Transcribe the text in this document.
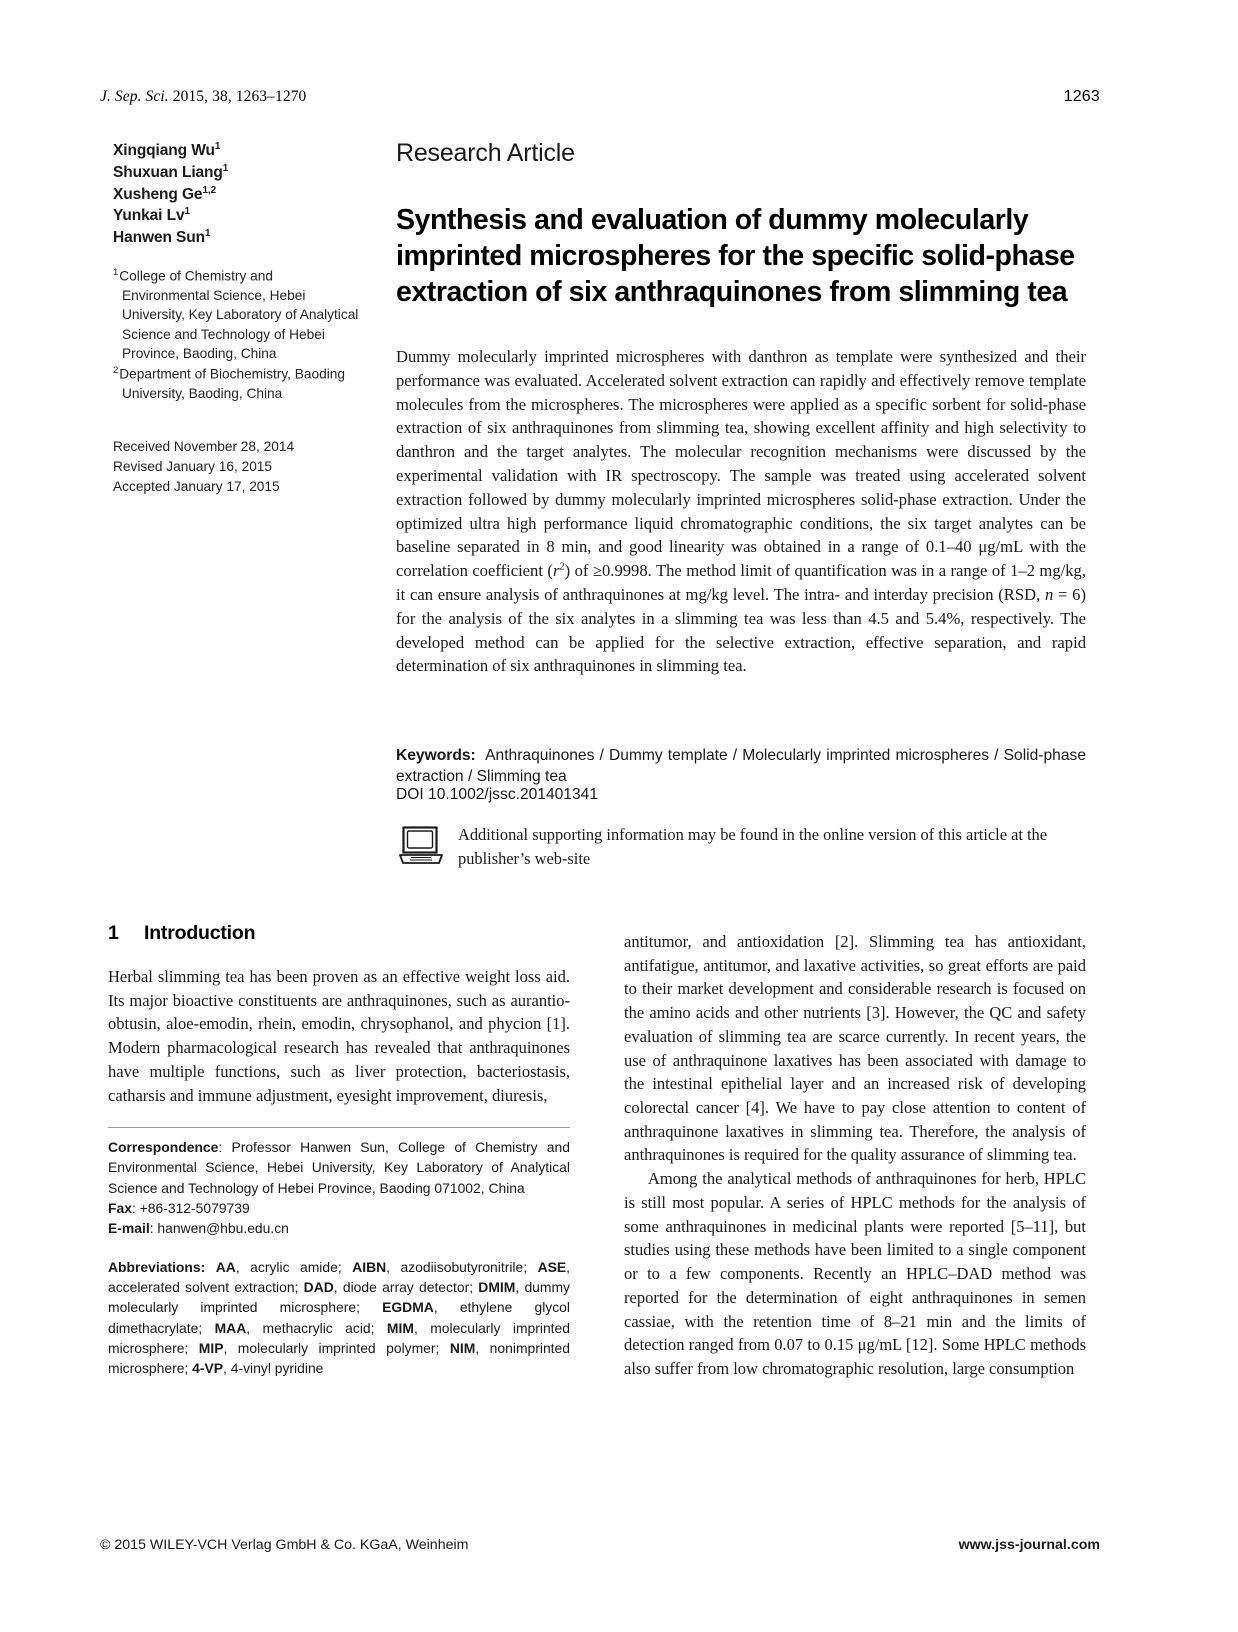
J. Sep. Sci. 2015, 38, 1263–1270	1263
Xingqiang Wu$^1$
Shuxuan Liang$^1$
Xusheng Ge$^{1,2}$
Yunkai Lv$^1$
Hanwen Sun$^1$
$^1$College of Chemistry and Environmental Science, Hebei University, Key Laboratory of Analytical Science and Technology of Hebei Province, Baoding, China
$^2$Department of Biochemistry, Baoding University, Baoding, China
Received November 28, 2014
Revised January 16, 2015
Accepted January 17, 2015
Research Article
Synthesis and evaluation of dummy molecularly imprinted microspheres for the specific solid-phase extraction of six anthraquinones from slimming tea
Dummy molecularly imprinted microspheres with danthron as template were synthesized and their performance was evaluated. Accelerated solvent extraction can rapidly and effectively remove template molecules from the microspheres. The microspheres were applied as a specific sorbent for solid-phase extraction of six anthraquinones from slimming tea, showing excellent affinity and high selectivity to danthron and the target analytes. The molecular recognition mechanisms were discussed by the experimental validation with IR spectroscopy. The sample was treated using accelerated solvent extraction followed by dummy molecularly imprinted microspheres solid-phase extraction. Under the optimized ultra high performance liquid chromatographic conditions, the six target analytes can be baseline separated in 8 min, and good linearity was obtained in a range of 0.1–40 μg/mL with the correlation coefficient $(r^2)$ of ≥0.9998. The method limit of quantification was in a range of 1–2 mg/kg, it can ensure analysis of anthraquinones at mg/kg level. The intra- and interday precision (RSD, n = 6) for the analysis of the six analytes in a slimming tea was less than 4.5 and 5.4%, respectively. The developed method can be applied for the selective extraction, effective separation, and rapid determination of six anthraquinones in slimming tea.
Keywords: Anthraquinones / Dummy template / Molecularly imprinted microspheres / Solid-phase extraction / Slimming tea
DOI 10.1002/jssc.201401341
Additional supporting information may be found in the online version of this article at the publisher’s web-site
1 Introduction

Herbal slimming tea has been proven as an effective weight loss aid. Its major bioactive constituents are anthraquinones, such as aurantio-obtusin, aloe-emodin, rhein, emodin, chrysophanol, and phycion [1]. Modern pharmacological research has revealed that anthraquinones have multiple functions, such as liver protection, bacteriostasis, catharsis and immune adjustment, eyesight improvement, diuresis,

Correspondence: Professor Hanwen Sun, College of Chemistry and Environmental Science, Hebei University, Key Laboratory of Analytical Science and Technology of Hebei Province, Baoding 071002, China
Fax: +86-312-5079739
E-mail: hanwen@hbu.edu.cn

Abbreviations: AA, acrylic amide; AIBN, azodiisobutyronitrile; ASE, accelerated solvent extraction; DAD, diode array detector; DMIM, dummy molecularly imprinted microsphere; EGDMA, ethylene glycol dimethacrylate; MAA, methacrylic acid; MIM, molecularly imprinted microsphere; MIP, molecularly imprinted polymer; NIM, nonimprinted microsphere; 4-VP, 4-vinyl pyridine

antitumor, and antioxidation [2]. Slimming tea has antioxidant, antifatigue, antitumor, and laxative activities, so great efforts are paid to their market development and considerable research is focused on the amino acids and other nutrients [3]. However, the QC and safety evaluation of slimming tea are scarce currently. In recent years, the use of anthraquinone laxatives has been associated with damage to the intestinal epithelial layer and an increased risk of developing colorectal cancer [4]. We have to pay close attention to content of anthraquinone laxatives in slimming tea. Therefore, the analysis of anthraquinones is required for the quality assurance of slimming tea.

Among the analytical methods of anthraquinones for herb, HPLC is still most popular. A series of HPLC methods for the analysis of some anthraquinones in medicinal plants were reported [5–11], but studies using these methods have been limited to a single component or to a few components. Recently an HPLC–DAD method was reported for the determination of eight anthraquinones in semen cassiae, with the retention time of 8–21 min and the limits of detection ranged from 0.07 to 0.15 μg/mL [12]. Some HPLC methods also suffer from low chromatographic resolution, large consumption

© 2015 WILEY-VCH Verlag GmbH & Co. KGaA, Weinheim	www.jss-journal.com
